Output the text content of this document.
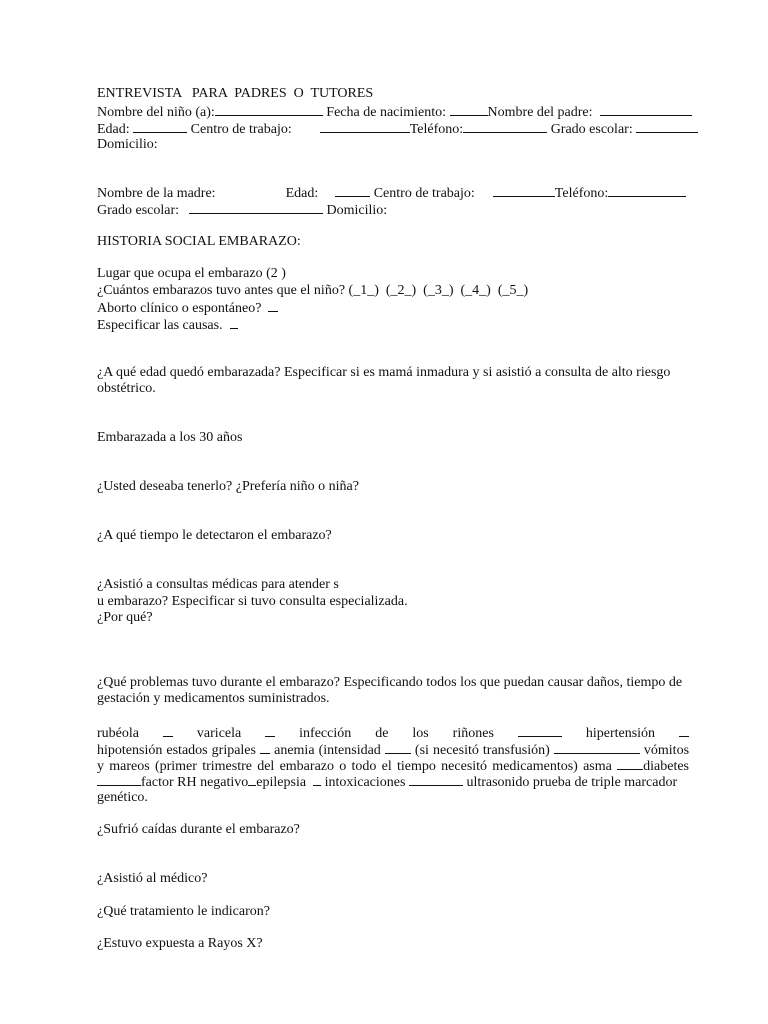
ENTREVISTA   PARA  PADRES  O  TUTORES
Nombre del niño (a):	Fecha de nacimiento:	Nombre del padre:
Edad:	Centro de trabajo:	Teléfono:	Grado escolar:
Domicilio:
Nombre de la madre:	Edad:	Centro de trabajo:	Teléfono:
Grado escolar:	Domicilio:
HISTORIA SOCIAL EMBARAZO:
Lugar que ocupa el embarazo (2 )
¿Cuántos embarazos tuvo antes que el niño? (_1_)  (_2_)  (_3_)  (_4_)  (_5_)
Aborto clínico o espontáneo?
Especificar las causas.
¿A qué edad quedó embarazada? Especificar si es mamá inmadura y si asistió a consulta de alto riesgo
obstétrico.
Embarazada a los 30 años
¿Usted deseaba tenerlo? ¿Prefería niño o niña?
¿A qué tiempo le detectaron el embarazo?
¿Asistió a consultas médicas para atender s
u embarazo? Especificar si tuvo consulta especializada.
¿Por qué?
¿Qué problemas tuvo durante el embarazo? Especificando todos los que puedan causar daños, tiempo de
gestación y medicamentos suministrados.
rubéola	varicela	infección de los riñones	hipertensión
hipotensión estados gripales anemia (intensidad (si necesitó transfusión)	vómitos
y mareos (primer trimestre del embarazo o todo el tiempo necesitó medicamentos) asma diabetes
factor RH negativo epilepsia intoxicaciones	ultrasonido prueba de triple marcador
genético.
¿Sufrió caídas durante el embarazo?
¿Asistió al médico?
¿Qué tratamiento le indicaron?
¿Estuvo expuesta a Rayos X?
